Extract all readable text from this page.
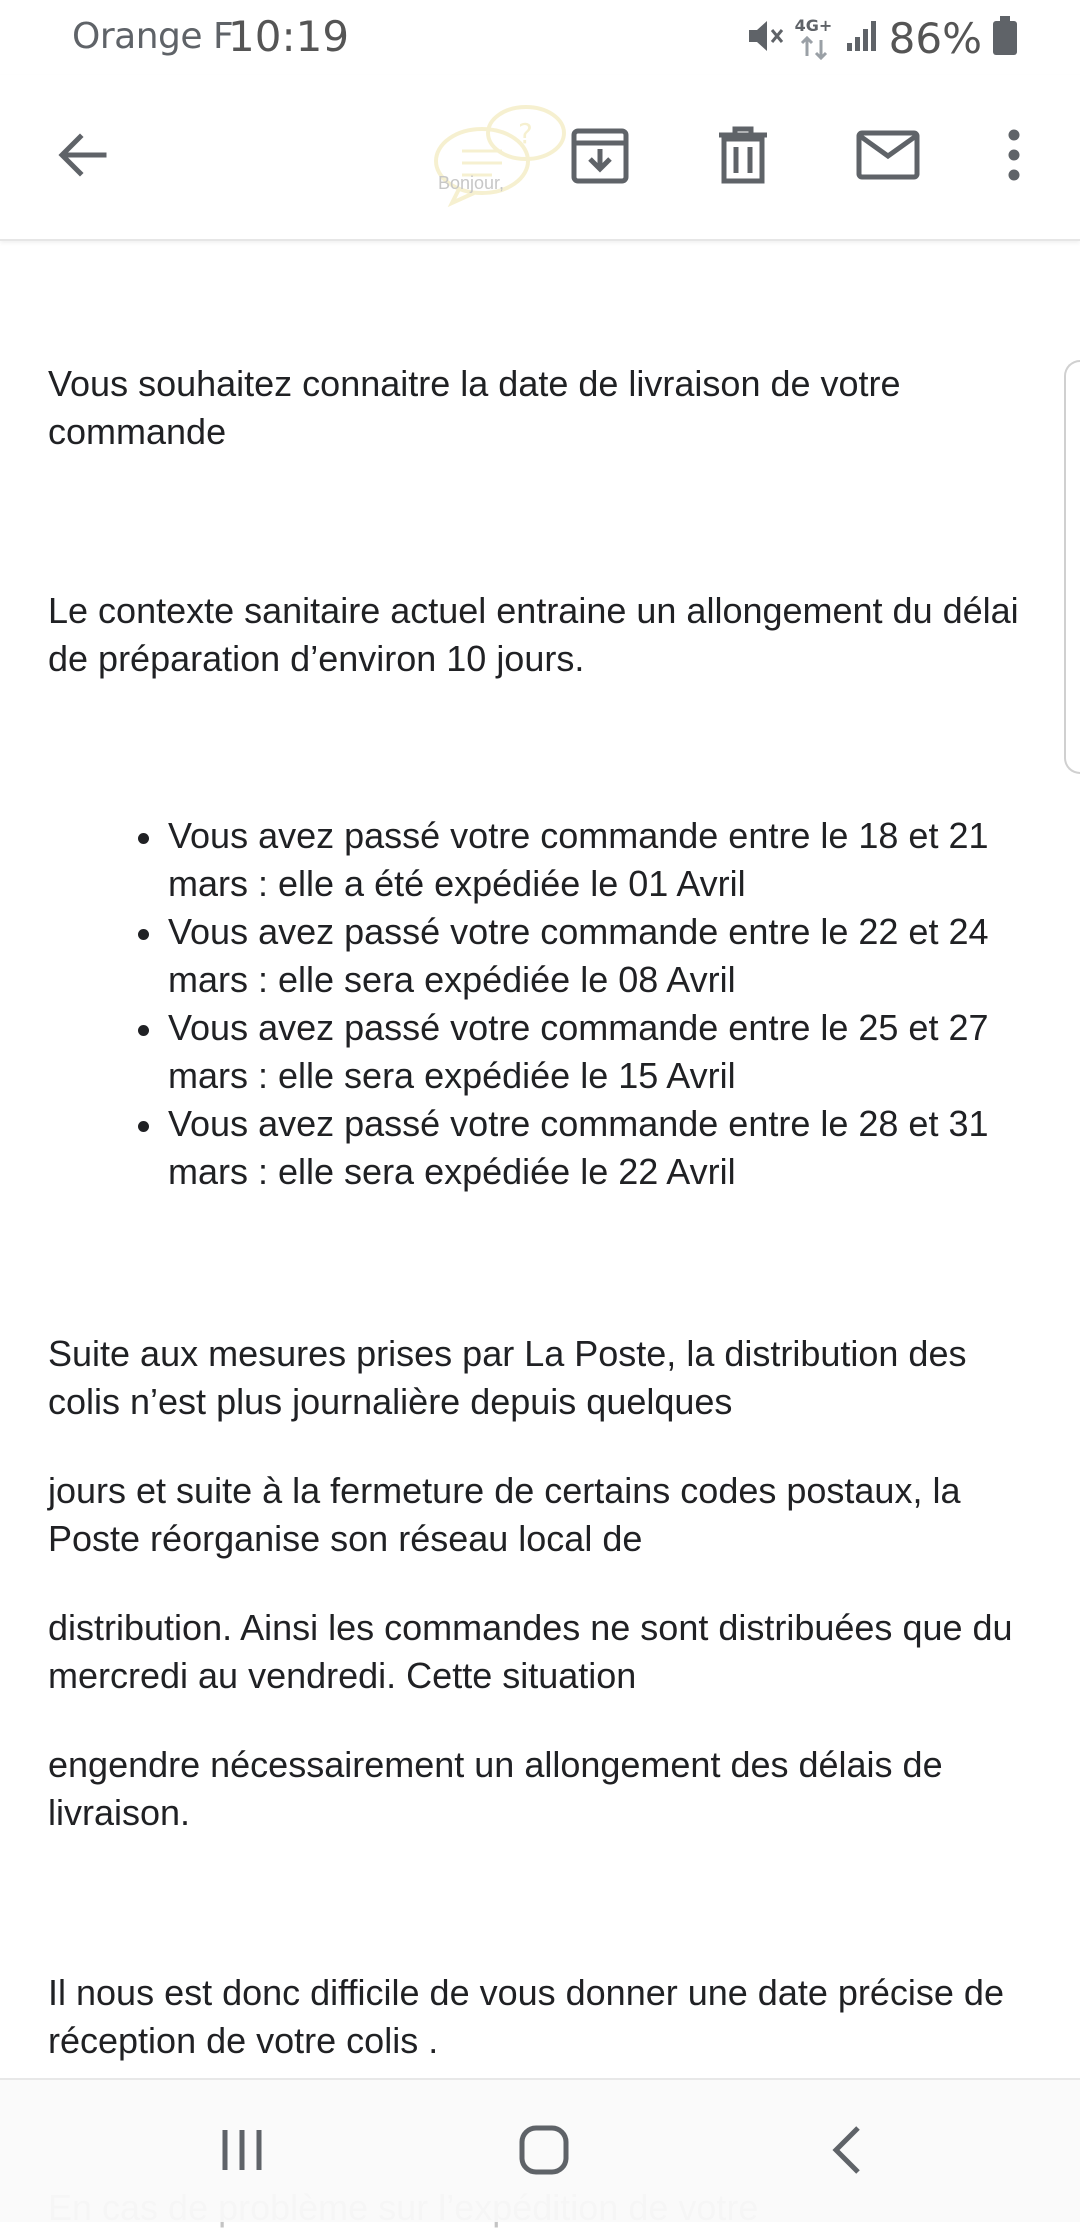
Orange F
10:19	4G+ 86%
?
Bonjour,

Vous souhaitez connaitre la date de livraison de votre commande

Le contexte sanitaire actuel entraine un allongement du délai de préparation d’environ 10 jours.

Vous avez passé votre commande entre le 18 et 21 mars : elle a été expédiée le 01 Avril
Vous avez passé votre commande entre le 22 et 24 mars : elle sera expédiée le 08 Avril
Vous avez passé votre commande entre le 25 et 27 mars : elle sera expédiée le 15 Avril
Vous avez passé votre commande entre le 28 et 31 mars : elle sera expédiée le 22 Avril

Suite aux mesures prises par La Poste, la distribution des colis n’est plus journalière depuis quelques

jours et suite à la fermeture de certains codes postaux, la Poste réorganise son réseau local de

distribution. Ainsi les commandes ne sont distribuées que du mercredi au vendredi. Cette situation

engendre nécessairement un allongement des délais de livraison.

Il nous est donc difficile de vous donner une date précise de réception de votre colis .
